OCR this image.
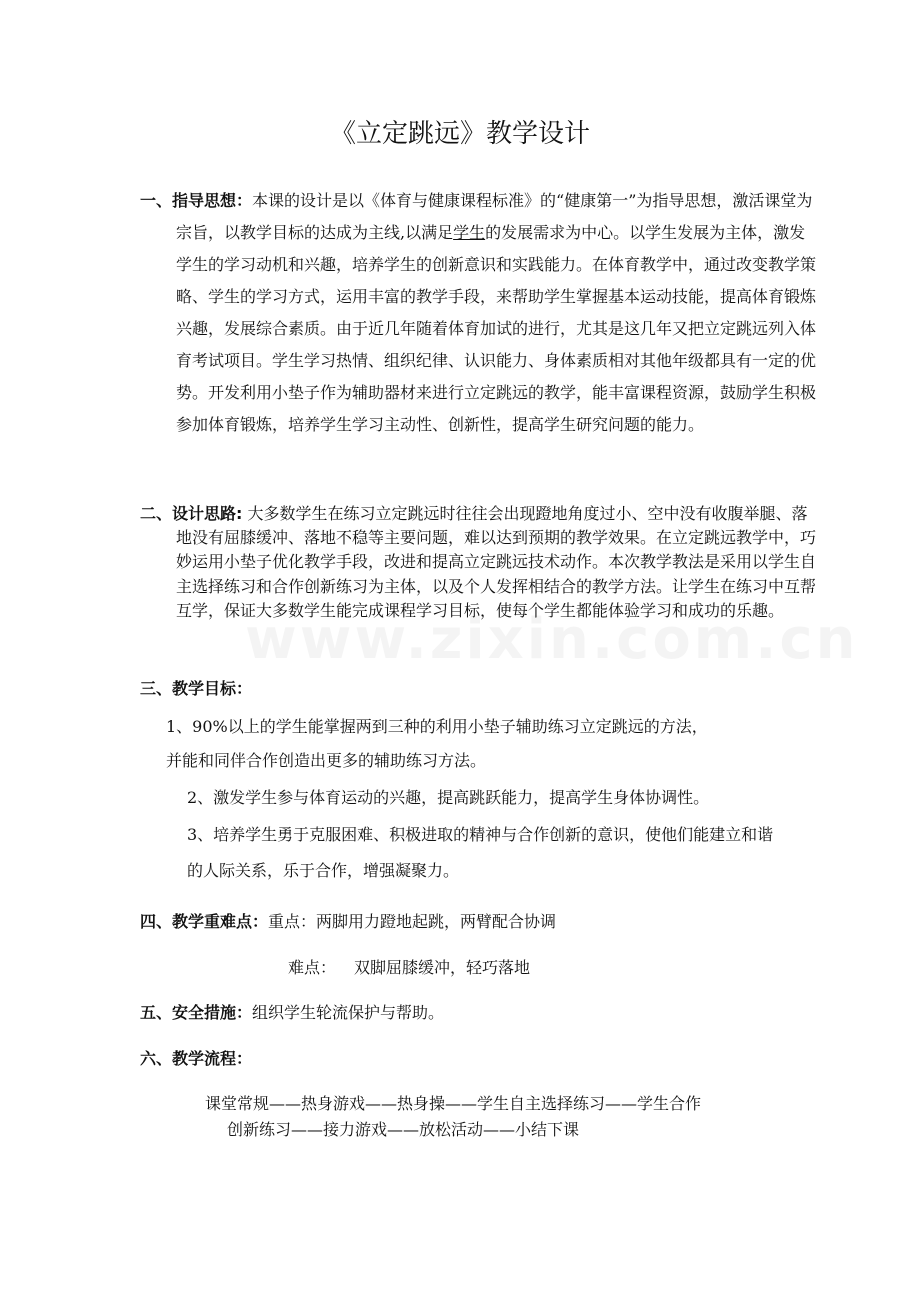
《立定跳远》教学设计

一、指导思想：本课的设计是以《体育与健康课程标准》的“健康第一”为指导思想，激活课堂为宗旨，以教学目标的达成为主线,以满足学生的发展需求为中心。以学生发展为主体，激发学生的学习动机和兴趣，培养学生的创新意识和实践能力。在体育教学中，通过改变教学策略、学生的学习方式，运用丰富的教学手段，来帮助学生掌握基本运动技能，提高体育锻炼兴趣，发展综合素质。由于近几年随着体育加试的进行，尤其是这几年又把立定跳远列入体育考试项目。学生学习热情、组织纪律、认识能力、身体素质相对其他年级都具有一定的优势。开发利用小垫子作为辅助器材来进行立定跳远的教学，能丰富课程资源，鼓励学生积极参加体育锻炼，培养学生学习主动性、创新性，提高学生研究问题的能力。

二、设计思路: 大多数学生在练习立定跳远时往往会出现蹬地角度过小、空中没有收腹举腿、落地没有屈膝缓冲、落地不稳等主要问题，难以达到预期的教学效果。在立定跳远教学中，巧妙运用小垫子优化教学手段，改进和提高立定跳远技术动作。本次教学教法是采用以学生自主选择练习和合作创新练习为主体，以及个人发挥相结合的教学方法。让学生在练习中互帮互学，保证大多数学生能完成课程学习目标，使每个学生都能体验学习和成功的乐趣。

三、教学目标：

1、90%以上的学生能掌握两到三种的利用小垫子辅助练习立定跳远的方法，
并能和同伴合作创造出更多的辅助练习方法。

2、激发学生参与体育运动的兴趣，提高跳跃能力，提高学生身体协调性。

3、培养学生勇于克服困难、积极进取的精神与合作创新的意识，使他们能建立和谐的人际关系，乐于合作，增强凝聚力。

四、教学重难点：重点：两脚用力蹬地起跳，两臂配合协调

难点： 双脚屈膝缓冲，轻巧落地

五、安全措施：组织学生轮流保护与帮助。

六、教学流程：

课堂常规——热身游戏——热身操——学生自主选择练习——学生合作
创新练习——接力游戏——放松活动——小结下课
